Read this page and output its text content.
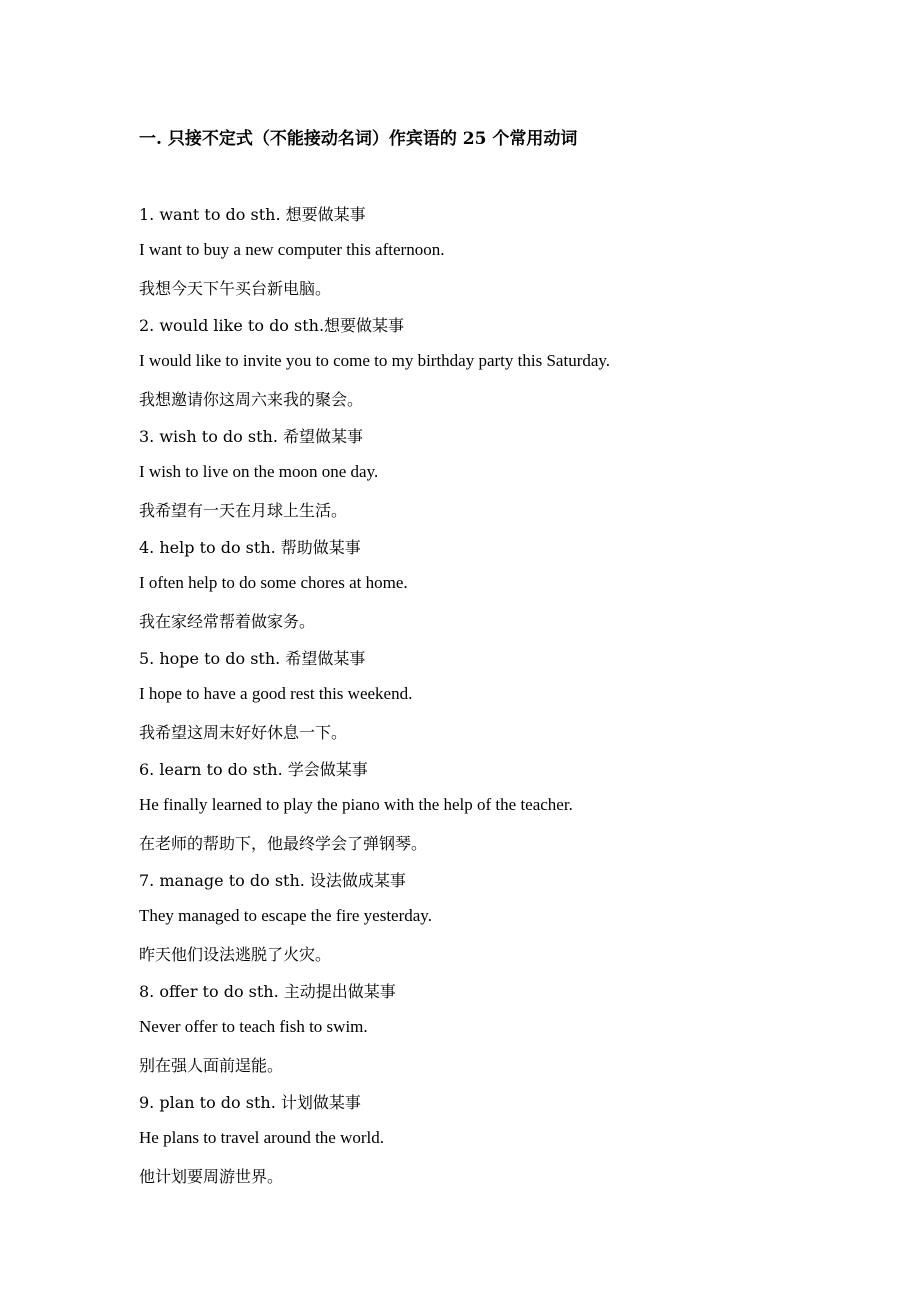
一. 只接不定式（不能接动名词）作宾语的 25 个常用动词
1. want to do sth. 想要做某事
I want to buy a new computer this afternoon.
我想今天下午买台新电脑。
2. would like to do sth.想要做某事
I would like to invite you to come to my birthday party this Saturday.
我想邀请你这周六来我的聚会。
3. wish to do sth. 希望做某事
I wish to live on the moon one day.
我希望有一天在月球上生活。
4. help to do sth. 帮助做某事
I often help to do some chores at home.
我在家经常帮着做家务。
5. hope to do sth. 希望做某事
I hope to have a good rest this weekend.
我希望这周末好好休息一下。
6. learn to do sth. 学会做某事
He finally learned to play the piano with the help of the teacher.
在老师的帮助下，他最终学会了弹钢琴。
7. manage to do sth. 设法做成某事
They managed to escape the fire yesterday.
昨天他们设法逃脱了火灾。
8. offer to do sth. 主动提出做某事
Never offer to teach fish to swim.
别在强人面前逞能。
9. plan to do sth. 计划做某事
He plans to travel around the world.
他计划要周游世界。
